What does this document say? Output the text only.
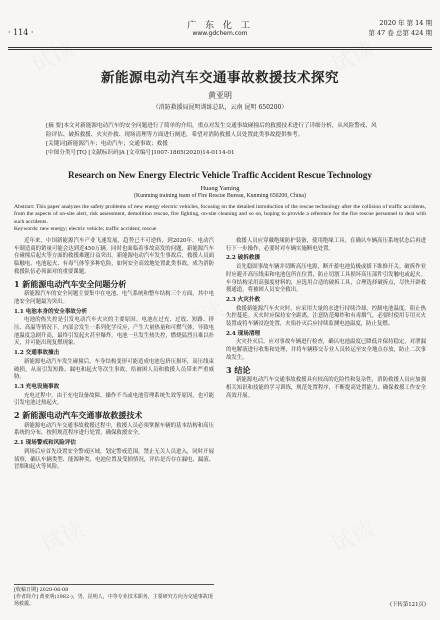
试读	试读
试读
试读	试读
· 114 ·
广 东 化 工
www.gdchem.com
2020 年 第 14 期
第 47 卷 总第 424 期
新能源电动汽车交通事故救援技术探究
黄亚明
（消防救援局昆明训练总队，云南 昆明 650200）
[摘 要]本文对新能源电动汽车的安全问题进行了简单的介绍，重点对发生交通事故碰撞后的救援技术进行了详细分析，从风险警戒、风
险评估、破拆救援、火灾扑救、现场清理等方面进行阐述，希望对消防救援人员处置此类事故提供参考。
[关键词]新能源汽车；电动汽车；交通事故；救援
[中图分类号]TQ [文献标识码]A [文章编号]1007-1865(2020)14-0114-01
Research on New Energy Electric Vehicle Traffic Accident Rescue Technology
Huang Yaming
(Kunming training team of Fire Rescue Bureau, Kunming 650200, China)
Abstract: This paper analyzes the safety problems of new energy electric vehicles, focusing on the detailed introduction of the rescue technology after the collision of traffic accidents, from the aspects of on-site alert, risk assessment, demolition rescue, fire fighting, on-site cleaning and so on, hoping to provide a reference for the fire rescue personnel to deal with such accidents.
Keywords: new energy; electric vehicle; traffic accident; rescue

近年来，中国新能源汽车产业飞速发展，趋势已不可逆转，到2020年，电动汽车制造商的销量可能会达到近450万辆。同时也面临着事故高发的问题，新能源汽车在碰撞后起火等方面的救援难题日益突出。新能源电动汽车发生事故后，救援人员面临触电、电池起火、有毒气体等多种危险，如何安全高效地处置此类事故，成为消防救援队伍必须面对的重要课题。

1 新能源电动汽车安全问题分析

新能源汽车的安全问题主要集中在电池、电气系统和整车结构三个方面，其中电池安全问题最为突出。

1.1 电池本身的安全事故分析

电池的热失控是引发电动汽车火灾的主要原因。电池在过充、过放、短路、挤压、高温等情况下，内部会发生一系列化学反应，产生大量热量和可燃气体，导致电池温度急剧升高，最终引发起火甚至爆炸。电池一旦发生热失控，燃烧猛烈且难以扑灭，并可能出现复燃现象。

1.2 交通事故撞击

新能源电动汽车发生碰撞后，车身结构变形可能造成电池包挤压损坏，高压线束破损，从而引发短路、漏电和起火等次生事故，给被困人员和救援人员带来严重威胁。

1.3 充电设施事故

充电过程中，由于充电设备故障、操作不当或电池管理系统失效等原因，也可能引发电池过热起火。

2 新能源电动汽车交通事故救援技术

新能源电动汽车交通事故救援过程中，救援人员必须掌握车辆的基本结构和高压系统的分布，按照规范程序进行处置，确保救援安全。

2.1 现场警戒和风险评估

到场后应首先设置安全警戒区域，划定警戒范围，禁止无关人员进入，同时开展侦察，确认车辆类型、能源种类、电池位置及受损情况，评估是否存在漏电、漏液、冒烟和起火等风险。

救援人员应穿戴绝缘防护装备，使用绝缘工具，在确认车辆高压系统状态后再进行下一步操作，必要时对车辆实施断电处置。

2.2 破拆救援

首先稳固事故车辆并切断高压电源，断开蓄电池负极或拔下维修开关。破拆作业时应避开高压线束和电池包所在位置，防止切割工具损坏高压部件引发触电或起火。车身结构采用高强度材料的，应选用合适的破拆工具，合理选择破拆点，尽快开辟救援通道，将被困人员安全救出。

2.3 火灾扑救

救援新能源汽车火灾时，应采用大量的水进行持续冷却，控制电池温度，阻止热失控蔓延。灭火时应保持安全距离，注意防范爆炸和有毒烟气，必要时使用专用灭火装置或将车辆浸泡处置，火焰扑灭后应持续监测电池温度，防止复燃。

2.4 现场清理

火灾扑灭后，应对事故车辆进行检查，确认电池温度已降低并保持稳定，对泄漏的电解液进行收集和处理，并将车辆移交专业人员转运至安全地点存放，防止二次事故发生。

3 结论

新能源电动汽车交通事故救援具有较高的危险性和复杂性，消防救援人员应加强相关知识和技能的学习训练，规范处置程序，不断提高处置能力，确保救援工作安全高效开展。

[收稿日期] 2020-06-08
[作者简介] 黄亚明(1982-)，男，昆明人，中等专业技术职务，主要研究方向为交通事故现场救援。	(下转第121页)
